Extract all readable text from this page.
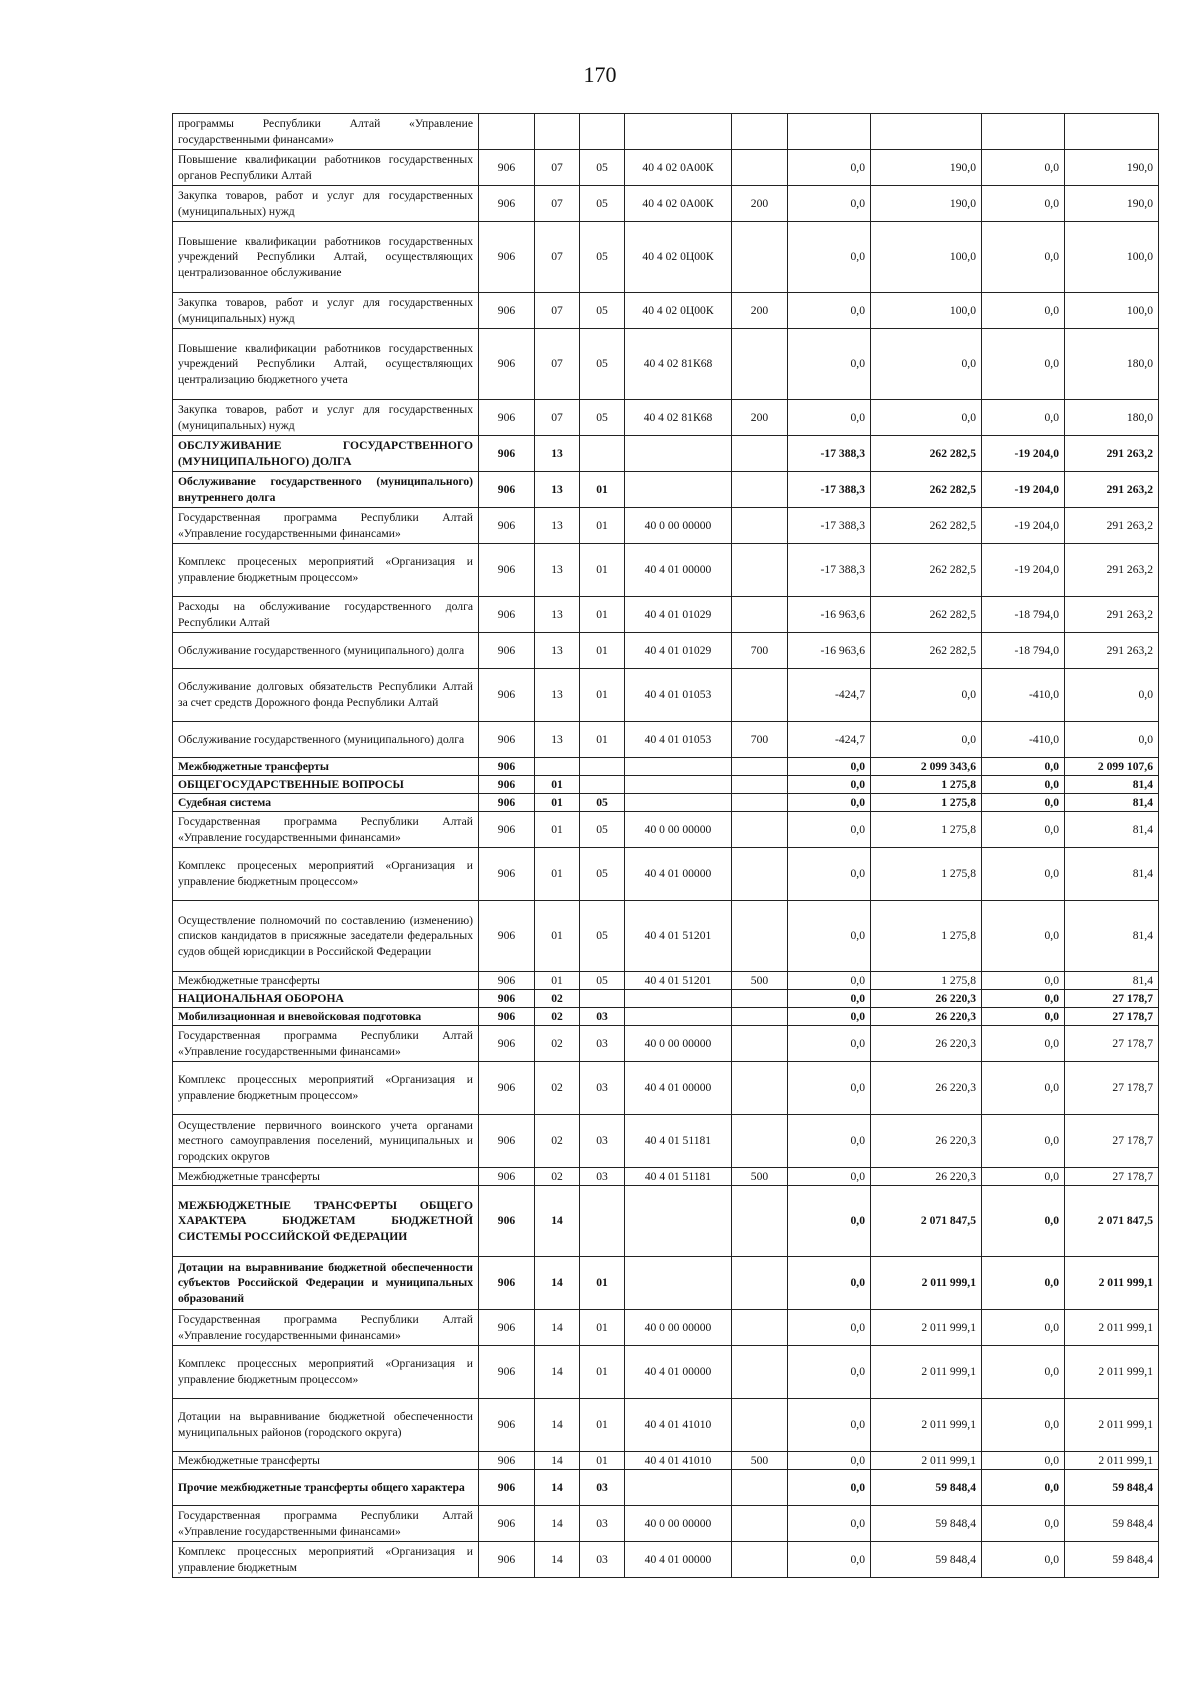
170
программы Республики Алтай «Управление государственными финансами»									
Повышение квалификации работников государственных органов Республики Алтай	906	07	05	40 4 02 0А00К		0,0	190,0	0,0	190,0
Закупка товаров, работ и услуг для государственных (муниципальных) нужд	906	07	05	40 4 02 0А00К	200	0,0	190,0	0,0	190,0
Повышение квалификации работников государственных учреждений Республики Алтай, осуществляющих централизованное обслуживание	906	07	05	40 4 02 0Ц00К		0,0	100,0	0,0	100,0
Закупка товаров, работ и услуг для государственных (муниципальных) нужд	906	07	05	40 4 02 0Ц00К	200	0,0	100,0	0,0	100,0
Повышение квалификации работников государственных учреждений Республики Алтай, осуществляющих централизацию бюджетного учета	906	07	05	40 4 02 81К68		0,0	0,0	0,0	180,0
Закупка товаров, работ и услуг для государственных (муниципальных) нужд	906	07	05	40 4 02 81К68	200	0,0	0,0	0,0	180,0
ОБСЛУЖИВАНИЕ ГОСУДАРСТВЕННОГО (МУНИЦИПАЛЬНОГО) ДОЛГА	906	13				-17 388,3	262 282,5	-19 204,0	291 263,2
Обслуживание государственного (муниципального) внутреннего долга	906	13	01			-17 388,3	262 282,5	-19 204,0	291 263,2
Государственная программа Республики Алтай «Управление государственными финансами»	906	13	01	40 0 00 00000		-17 388,3	262 282,5	-19 204,0	291 263,2
Комплекс процесеных мероприятий «Организация и управление бюджетным процессом»	906	13	01	40 4 01 00000		-17 388,3	262 282,5	-19 204,0	291 263,2
Расходы на обслуживание государственного долга Республики Алтай	906	13	01	40 4 01 01029		-16 963,6	262 282,5	-18 794,0	291 263,2
Обслуживание государственного (муниципального) долга	906	13	01	40 4 01 01029	700	-16 963,6	262 282,5	-18 794,0	291 263,2
Обслуживание долговых обязательств Республики Алтай за счет средств Дорожного фонда Республики Алтай	906	13	01	40 4 01 01053		-424,7	0,0	-410,0	0,0
Обслуживание государственного (муниципального) долга	906	13	01	40 4 01 01053	700	-424,7	0,0	-410,0	0,0
Межбюджетные трансферты	906					0,0	2 099 343,6	0,0	2 099 107,6
ОБЩЕГОСУДАРСТВЕННЫЕ ВОПРОСЫ	906	01				0,0	1 275,8	0,0	81,4
Судебная система	906	01	05			0,0	1 275,8	0,0	81,4
Государственная программа Республики Алтай «Управление государственными финансами»	906	01	05	40 0 00 00000		0,0	1 275,8	0,0	81,4
Комплекс процесеных мероприятий «Организация и управление бюджетным процессом»	906	01	05	40 4 01 00000		0,0	1 275,8	0,0	81,4
Осуществление полномочий по составлению (изменению) списков кандидатов в присяжные заседатели федеральных судов общей юрисдикции в Российской Федерации	906	01	05	40 4 01 51201		0,0	1 275,8	0,0	81,4
Межбюджетные трансферты	906	01	05	40 4 01 51201	500	0,0	1 275,8	0,0	81,4
НАЦИОНАЛЬНАЯ ОБОРОНА	906	02				0,0	26 220,3	0,0	27 178,7
Мобилизационная и вневойсковая подготовка	906	02	03			0,0	26 220,3	0,0	27 178,7
Государственная программа Республики Алтай «Управление государственными финансами»	906	02	03	40 0 00 00000		0,0	26 220,3	0,0	27 178,7
Комплекс процессных мероприятий «Организация и управление бюджетным процессом»	906	02	03	40 4 01 00000		0,0	26 220,3	0,0	27 178,7
Осуществление первичного воинского учета органами местного самоуправления поселений, муниципальных и городских округов	906	02	03	40 4 01 51181		0,0	26 220,3	0,0	27 178,7
Межбюджетные трансферты	906	02	03	40 4 01 51181	500	0,0	26 220,3	0,0	27 178,7
МЕЖБЮДЖЕТНЫЕ ТРАНСФЕРТЫ ОБЩЕГО ХАРАКТЕРА БЮДЖЕТАМ БЮДЖЕТНОЙ СИСТЕМЫ РОССИЙСКОЙ ФЕДЕРАЦИИ	906	14				0,0	2 071 847,5	0,0	2 071 847,5
Дотации на выравнивание бюджетной обеспеченности субъектов Российской Федерации и муниципальных образований	906	14	01			0,0	2 011 999,1	0,0	2 011 999,1
Государственная программа Республики Алтай «Управление государственными финансами»	906	14	01	40 0 00 00000		0,0	2 011 999,1	0,0	2 011 999,1
Комплекс процессных мероприятий «Организация и управление бюджетным процессом»	906	14	01	40 4 01 00000		0,0	2 011 999,1	0,0	2 011 999,1
Дотации на выравнивание бюджетной обеспеченности муниципальных районов (городского округа)	906	14	01	40 4 01 41010		0,0	2 011 999,1	0,0	2 011 999,1
Межбюджетные трансферты	906	14	01	40 4 01 41010	500	0,0	2 011 999,1	0,0	2 011 999,1
Прочие межбюджетные трансферты общего характера	906	14	03			0,0	59 848,4	0,0	59 848,4
Государственная программа Республики Алтай «Управление государственными финансами»	906	14	03	40 0 00 00000		0,0	59 848,4	0,0	59 848,4
Комплекс процессных мероприятий «Организация и управление бюджетным	906	14	03	40 4 01 00000		0,0	59 848,4	0,0	59 848,4
